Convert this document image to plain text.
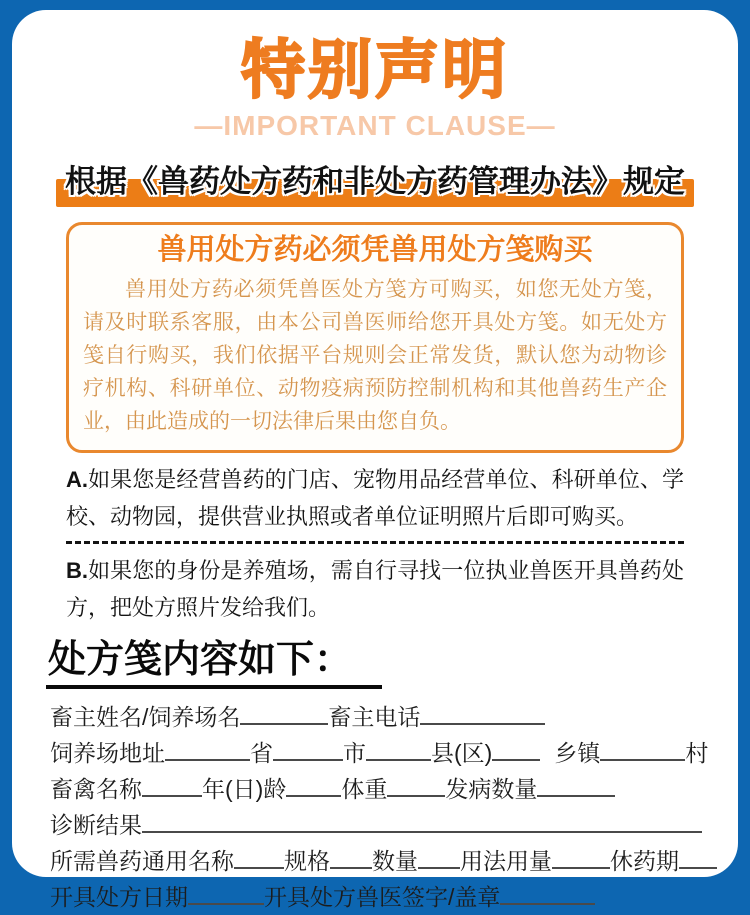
特别声明
—IMPORTANT CLAUSE—
根据《兽药处方药和非处方药管理办法》规定
兽用处方药必须凭兽用处方笺购买
兽用处方药必须凭兽医处方笺方可购买，如您无处方笺，请及时联系客服，由本公司兽医师给您开具处方笺。如无处方笺自行购买，我们依据平台规则会正常发货，默认您为动物诊疗机构、科研单位、动物疫病预防控制机构和其他兽药生产企业，由此造成的一切法律后果由您自负。
A.如果您是经营兽药的门店、宠物用品经营单位、科研单位、学校、动物园，提供营业执照或者单位证明照片后即可购买。
B.如果您的身份是养殖场，需自行寻找一位执业兽医开具兽药处方，把处方照片发给我们。
处方笺内容如下：
畜主姓名/饲养场名	畜主电话
饲养场地址	省	市	县(区)	乡镇	村
畜禽名称	年(日)龄 体重	发病数量
诊断结果
所需兽药通用名称 规格 数量 用法用量	休药期
开具处方日期	开具处方兽医签字/盖章
